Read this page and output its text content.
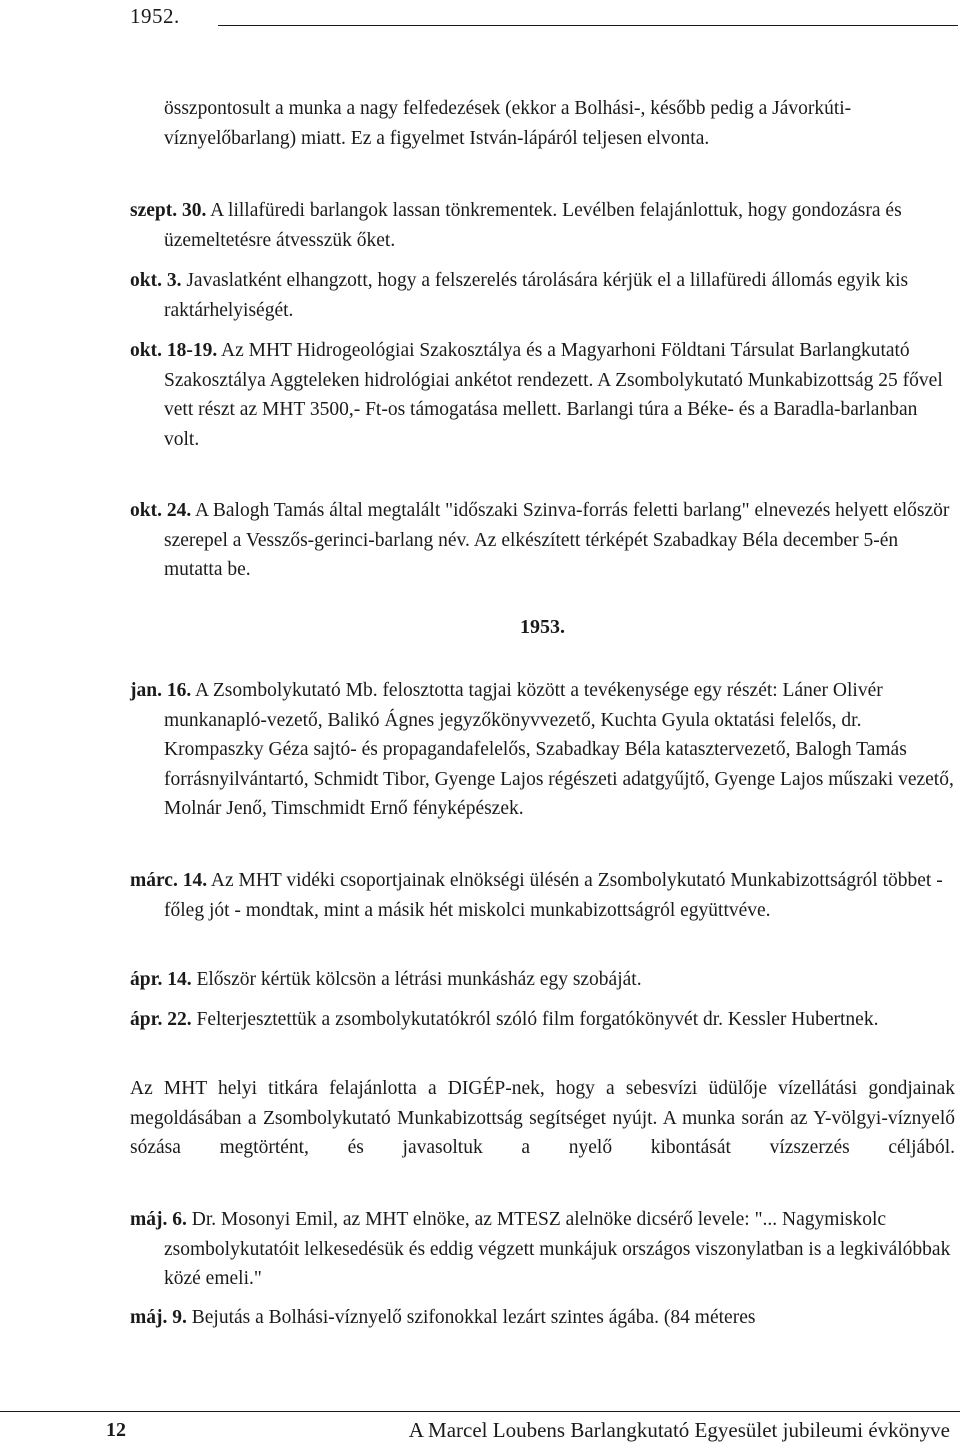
1952.

összpontosult a munka a nagy felfedezések (ekkor a Bolhási-, később pedig a Jávorkúti-víznyelőbarlang) miatt. Ez a figyelmet István-lápáról teljesen elvonta.

szept. 30. A lillafüredi barlangok lassan tönkrementek. Levélben felajánlottuk, hogy gondozásra és üzemeltetésre átvesszük őket.

okt. 3. Javaslatként elhangzott, hogy a felszerelés tárolására kérjük el a lillafüredi állomás egyik kis raktárhelyiségét.

okt. 18-19. Az MHT Hidrogeológiai Szakosztálya és a Magyarhoni Földtani Társulat Barlangkutató Szakosztálya Aggteleken hidrológiai ankétot rendezett. A Zsombolykutató Munkabizottság 25 fővel vett részt az MHT 3500,- Ft-os támogatása mellett. Barlangi túra a Béke- és a Baradla-barlanban volt.

okt. 24. A Balogh Tamás által megtalált "időszaki Szinva-forrás feletti barlang" elnevezés helyett először szerepel a Vesszős-gerinci-barlang név. Az elkészített térképét Szabadkay Béla december 5-én mutatta be.

1953.

jan. 16. A Zsombolykutató Mb. felosztotta tagjai között a tevékenysége egy részét: Láner Olivér munkanapló-vezető, Balikó Ágnes jegyzőkönyvvezető, Kuchta Gyula oktatási felelős, dr. Krompaszky Géza sajtó- és propagandafelelős, Szabadkay Béla katasztervezető, Balogh Tamás forrásnyilvántartó, Schmidt Tibor, Gyenge Lajos régészeti adatgyűjtő, Gyenge Lajos műszaki vezető, Molnár Jenő, Timschmidt Ernő fényképészek.

márc. 14. Az MHT vidéki csoportjainak elnökségi ülésén a Zsombolykutató Munkabizottságról többet - főleg jót - mondtak, mint a másik hét miskolci munkabizottságról együttvéve.

ápr. 14. Először kértük kölcsön a létrási munkásház egy szobáját.

ápr. 22. Felterjesztettük a zsombolykutatókról szóló film forgatókönyvét dr. Kessler Hubertnek.

Az MHT helyi titkára felajánlotta a DIGÉP-nek, hogy a sebesvízi üdülője vízellátási gondjainak megoldásában a Zsombolykutató Munkabizottság segítséget nyújt. A munka során az Y-völgyi-víznyelő sózása megtörtént, és javasoltuk a nyelő kibontását vízszerzés céljából.

máj. 6. Dr. Mosonyi Emil, az MHT elnöke, az MTESZ alelnöke dicsérő levele: "... Nagymiskolc zsombolykutatóit lelkesedésük és eddig végzett munkájuk országos viszonylatban is a legkiválóbbak közé emeli."

máj. 9. Bejutás a Bolhási-víznyelő szifonokkal lezárt szintes ágába. (84 méteres

12	A Marcel Loubens Barlangkutató Egyesület jubileumi évkönyve
